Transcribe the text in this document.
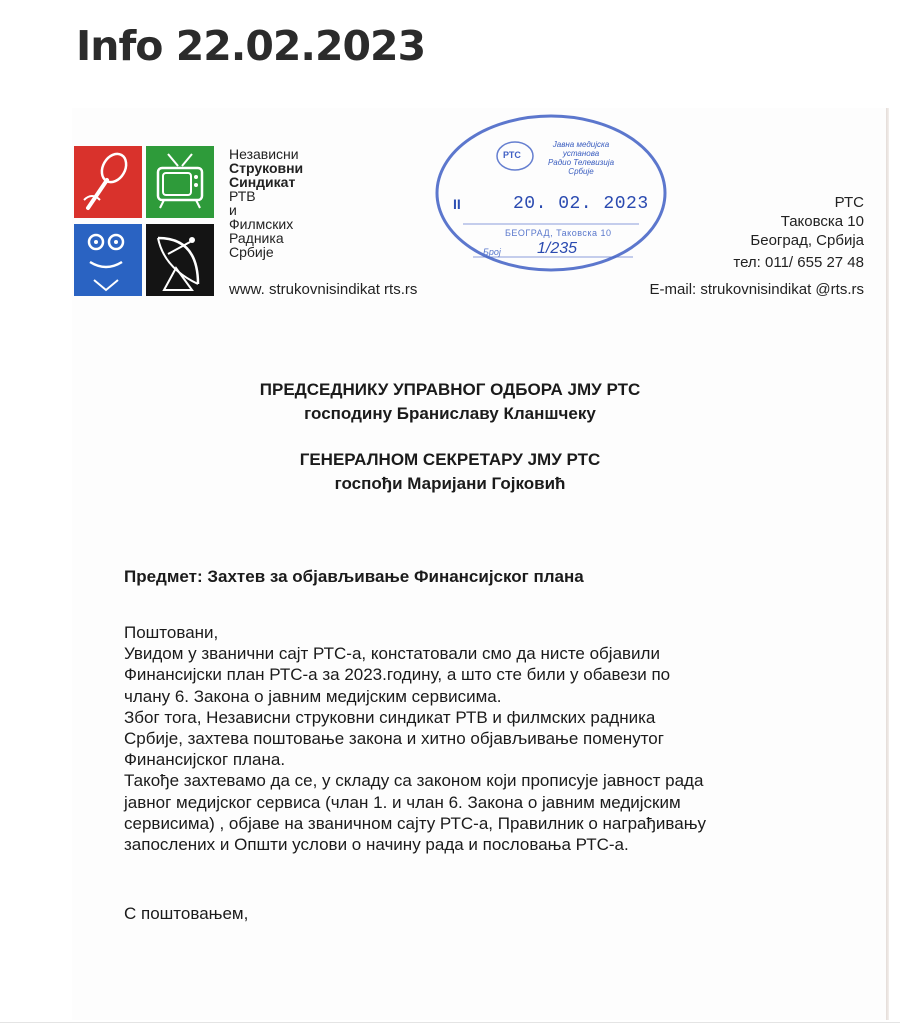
Info 22.02.2023
Независни
Струковни
Синдикат
РТВ
и
Филмских
Радника
Србије
www. strukovnisindikat rts.rs
РТС
Јавна медијска
установа
Радио Телевизија
Србије
II	20. 02. 2023
БЕОГРАД, Таковска 10
Број 1/235
РТС
Таковска 10
Београд, Србија
тел: 011/ 655 27 48
E-mail: strukovnisindikat @rts.rs
ПРЕДСЕДНИКУ УПРАВНОГ ОДБОРА ЈМУ РТС
господину Браниславу Кланшчеку
ГЕНЕРАЛНОМ СЕКРЕТАРУ ЈМУ РТС
госпођи Маријани Гојковић
Предмет: Захтев за објављивање Финансијског плана
Поштовани,
Увидом у званични сајт РТС-а, констатовали смо да нисте објавили
Финансијски план РТС-а за 2023.годину, а што сте били у обавези по
члану 6. Закона о јавним медијским сервисима.
Због тога, Независни струковни синдикат РТВ и филмских радника
Србије, захтева поштовање закона и хитно објављивање поменутог
Финансијског плана.
Такође захтевамо да се, у складу са законом који прописује јавност рада
јавног медијског сервиса (члан 1. и члан 6. Закона о јавним медијским
сервисима) , објаве на званичном сајту РТС-а, Правилник о награђивању
запослених и Општи услови о начину рада и пословања РТС-а.
С поштовањем,
